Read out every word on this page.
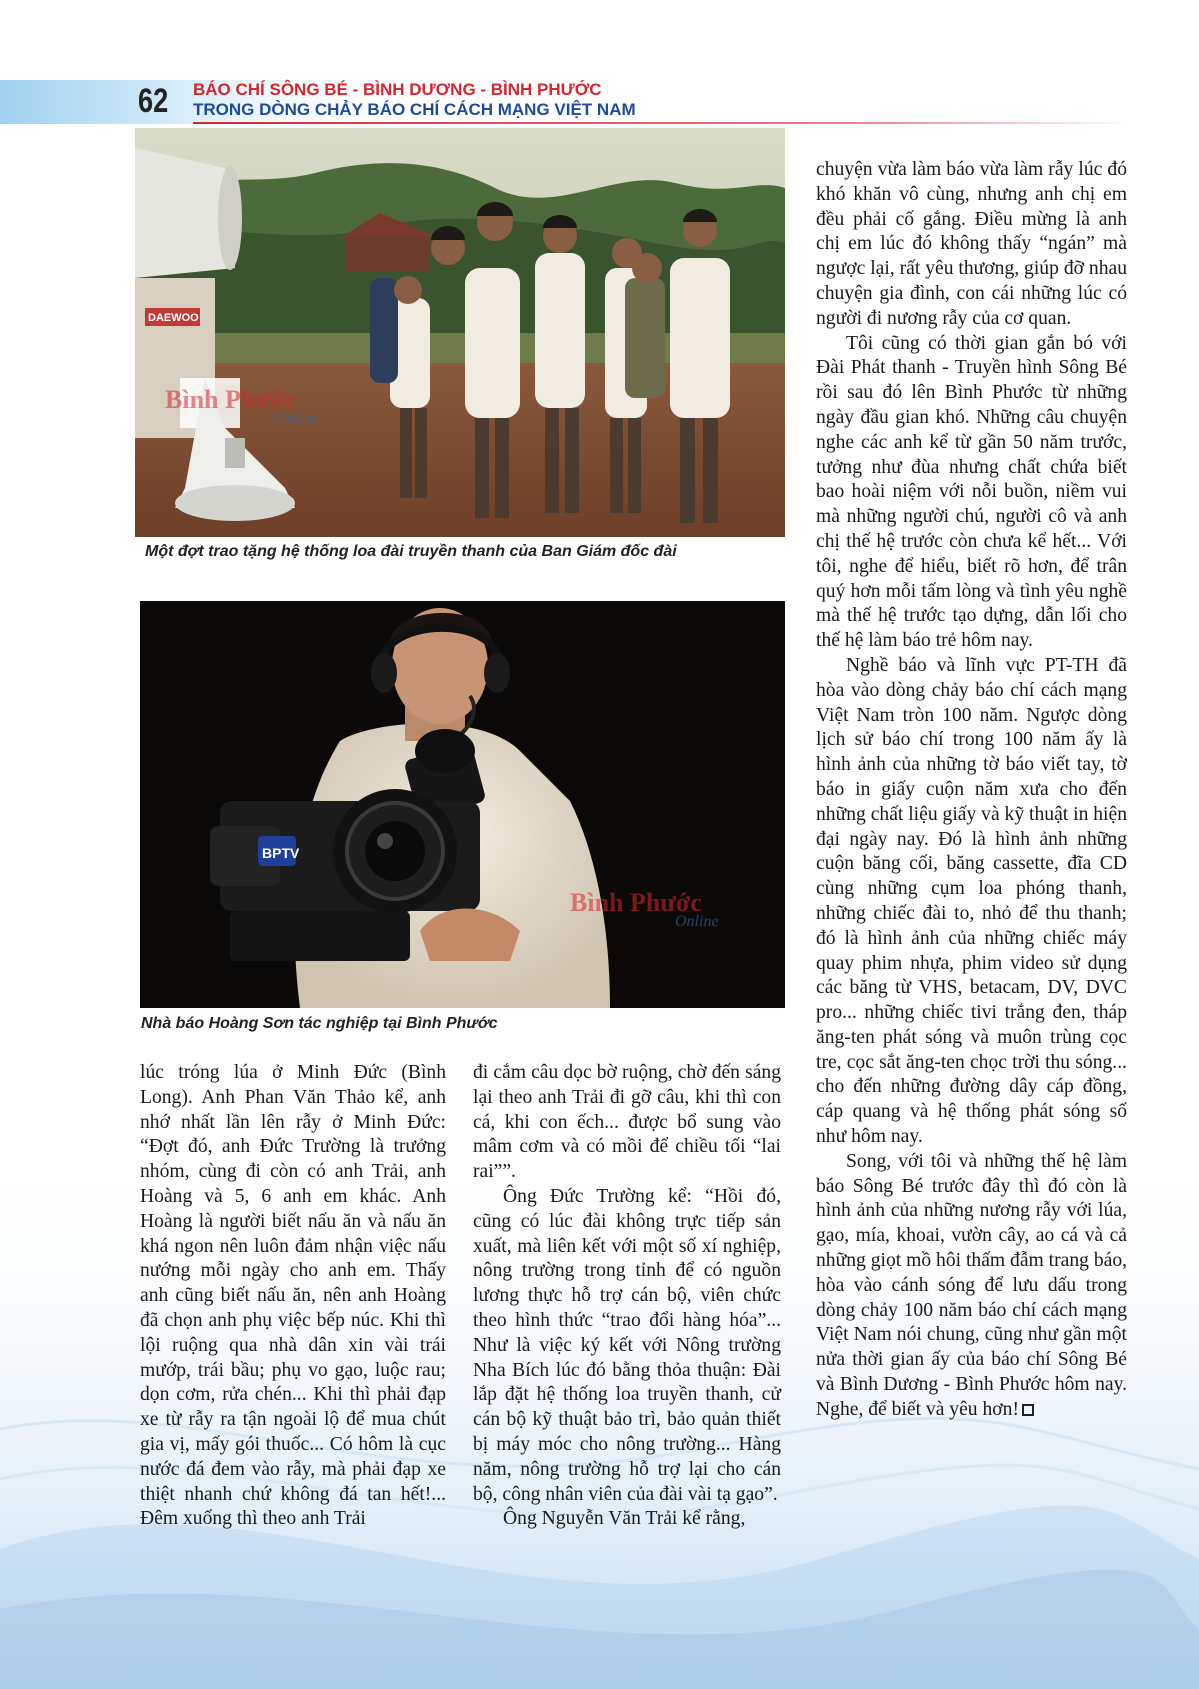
62 BÁO CHÍ SÔNG BÉ - BÌNH DƯƠNG - BÌNH PHƯỚC
TRONG DÒNG CHẢY BÁO CHÍ CÁCH MẠNG VIỆT NAM
DAEWOO
Bình Phước
Online
Một đợt trao tặng hệ thống loa đài truyền thanh của Ban Giám đốc đài
BPTV
Bình Phước
Online
Nhà báo Hoàng Sơn tác nghiệp tại Bình Phước

lúc tróng lúa ở Minh Đức (Bình Long). Anh Phan Văn Thảo kể, anh nhớ nhất lần lên rẫy ở Minh Đức: “Đợt đó, anh Đức Trường là trưởng nhóm, cùng đi còn có anh Trải, anh Hoàng và 5, 6 anh em khác. Anh Hoàng là người biết nấu ăn và nấu ăn khá ngon nên luôn đảm nhận việc nấu nướng mỗi ngày cho anh em. Thấy anh cũng biết nấu ăn, nên anh Hoàng đã chọn anh phụ việc bếp núc. Khi thì lội ruộng qua nhà dân xin vài trái mướp, trái bầu; phụ vo gạo, luộc rau; dọn cơm, rửa chén... Khi thì phải đạp xe từ rẫy ra tận ngoài lộ để mua chút gia vị, mấy gói thuốc... Có hôm là cục nước đá đem vào rẫy, mà phải đạp xe thiệt nhanh chứ không đá tan hết!... Đêm xuống thì theo anh Trải

đi cắm câu dọc bờ ruộng, chờ đến sáng lại theo anh Trải đi gỡ câu, khi thì con cá, khi con ếch... được bổ sung vào mâm cơm và có mồi để chiều tối “lai rai””.

Ông Đức Trường kể: “Hồi đó, cũng có lúc đài không trực tiếp sản xuất, mà liên kết với một số xí nghiệp, nông trường trong tỉnh để có nguồn lương thực hỗ trợ cán bộ, viên chức theo hình thức “trao đổi hàng hóa”... Như là việc ký kết với Nông trường Nha Bích lúc đó bằng thỏa thuận: Đài lắp đặt hệ thống loa truyền thanh, cử cán bộ kỹ thuật bảo trì, bảo quản thiết bị máy móc cho nông trường... Hàng năm, nông trường hỗ trợ lại cho cán bộ, công nhân viên của đài vài tạ gạo”.

Ông Nguyễn Văn Trải kể rằng,

chuyện vừa làm báo vừa làm rẫy lúc đó khó khăn vô cùng, nhưng anh chị em đều phải cố gắng. Điều mừng là anh chị em lúc đó không thấy “ngán” mà ngược lại, rất yêu thương, giúp đỡ nhau chuyện gia đình, con cái những lúc có người đi nương rẫy của cơ quan.

Tôi cũng có thời gian gắn bó với Đài Phát thanh - Truyền hình Sông Bé rồi sau đó lên Bình Phước từ những ngày đầu gian khó. Những câu chuyện nghe các anh kể từ gần 50 năm trước, tưởng như đùa nhưng chất chứa biết bao hoài niệm với nỗi buồn, niềm vui mà những người chú, người cô và anh chị thế hệ trước còn chưa kể hết... Với tôi, nghe để hiểu, biết rõ hơn, để trân quý hơn mỗi tấm lòng và tình yêu nghề mà thế hệ trước tạo dựng, dẫn lối cho thế hệ làm báo trẻ hôm nay.

Nghề báo và lĩnh vực PT-TH đã hòa vào dòng chảy báo chí cách mạng Việt Nam tròn 100 năm. Ngược dòng lịch sử báo chí trong 100 năm ấy là hình ảnh của những tờ báo viết tay, tờ báo in giấy cuộn năm xưa cho đến những chất liệu giấy và kỹ thuật in hiện đại ngày nay. Đó là hình ảnh những cuộn băng cối, băng cassette, đĩa CD cùng những cụm loa phóng thanh, những chiếc đài to, nhỏ để thu thanh; đó là hình ảnh của những chiếc máy quay phim nhựa, phim video sử dụng các băng từ VHS, betacam, DV, DVC pro... những chiếc tivi trắng đen, tháp ăng-ten phát sóng và muôn trùng cọc tre, cọc sắt ăng-ten chọc trời thu sóng... cho đến những đường dây cáp đồng, cáp quang và hệ thống phát sóng số như hôm nay.

Song, với tôi và những thế hệ làm báo Sông Bé trước đây thì đó còn là hình ảnh của những nương rẫy với lúa, gạo, mía, khoai, vườn cây, ao cá và cả những giọt mồ hôi thấm đẫm trang báo, hòa vào cánh sóng để lưu dấu trong dòng chảy 100 năm báo chí cách mạng Việt Nam nói chung, cũng như gần một nửa thời gian ấy của báo chí Sông Bé và Bình Dương - Bình Phước hôm nay. Nghe, để biết và yêu hơn!
